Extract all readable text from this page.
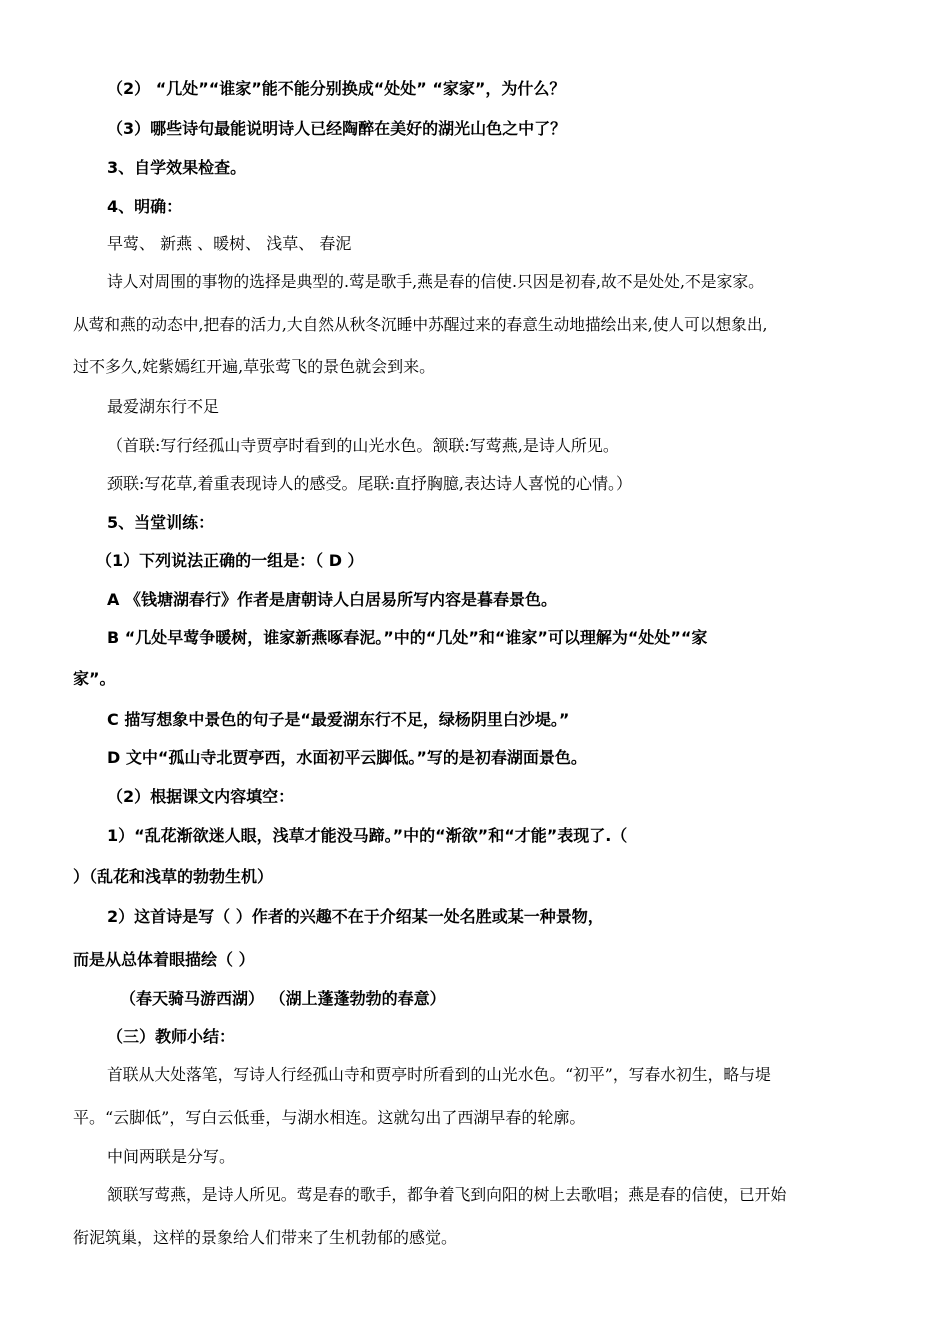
（2） “几处”“谁家”能不能分别换成“处处” “家家”，为什么？
（3）哪些诗句最能说明诗人已经陶醉在美好的湖光山色之中了？
3、自学效果检查。
4、明确：
早莺、 新燕 、暖树、 浅草、 春泥
诗人对周围的事物的选择是典型的.莺是歌手,燕是春的信使.只因是初春,故不是处处,不是家家。
从莺和燕的动态中,把春的活力,大自然从秋冬沉睡中苏醒过来的春意生动地描绘出来,使人可以想象出,
过不多久,姹紫嫣红开遍,草张莺飞的景色就会到来。
最爱湖东行不足
（首联:写行经孤山寺贾亭时看到的山光水色。颔联:写莺燕,是诗人所见。
颈联:写花草,着重表现诗人的感受。尾联:直抒胸臆,表达诗人喜悦的心情。）
5、当堂训练：
（1）下列说法正确的一组是：（ D ）
A 《钱塘湖春行》作者是唐朝诗人白居易所写内容是暮春景色。
B “几处早莺争暖树，谁家新燕啄春泥。”中的“几处”和“谁家”可以理解为“处处”“家
家”。
C 描写想象中景色的句子是“最爱湖东行不足，绿杨阴里白沙堤。”
D 文中“孤山寺北贾亭西，水面初平云脚低。”写的是初春湖面景色。
（2）根据课文内容填空：
1）“乱花渐欲迷人眼，浅草才能没马蹄。”中的“渐欲”和“才能”表现了.（
）（乱花和浅草的勃勃生机）
2）这首诗是写（ ）作者的兴趣不在于介绍某一处名胜或某一种景物，
而是从总体着眼描绘（ ）
（春天骑马游西湖） （湖上蓬蓬勃勃的春意）
（三）教师小结：
首联从大处落笔，写诗人行经孤山寺和贾亭时所看到的山光水色。“初平”，写春水初生，略与堤
平。“云脚低”，写白云低垂，与湖水相连。这就勾出了西湖早春的轮廓。
中间两联是分写。
颔联写莺燕，是诗人所见。莺是春的歌手，都争着飞到向阳的树上去歌唱；燕是春的信使，已开始
衔泥筑巢，这样的景象给人们带来了生机勃郁的感觉。
